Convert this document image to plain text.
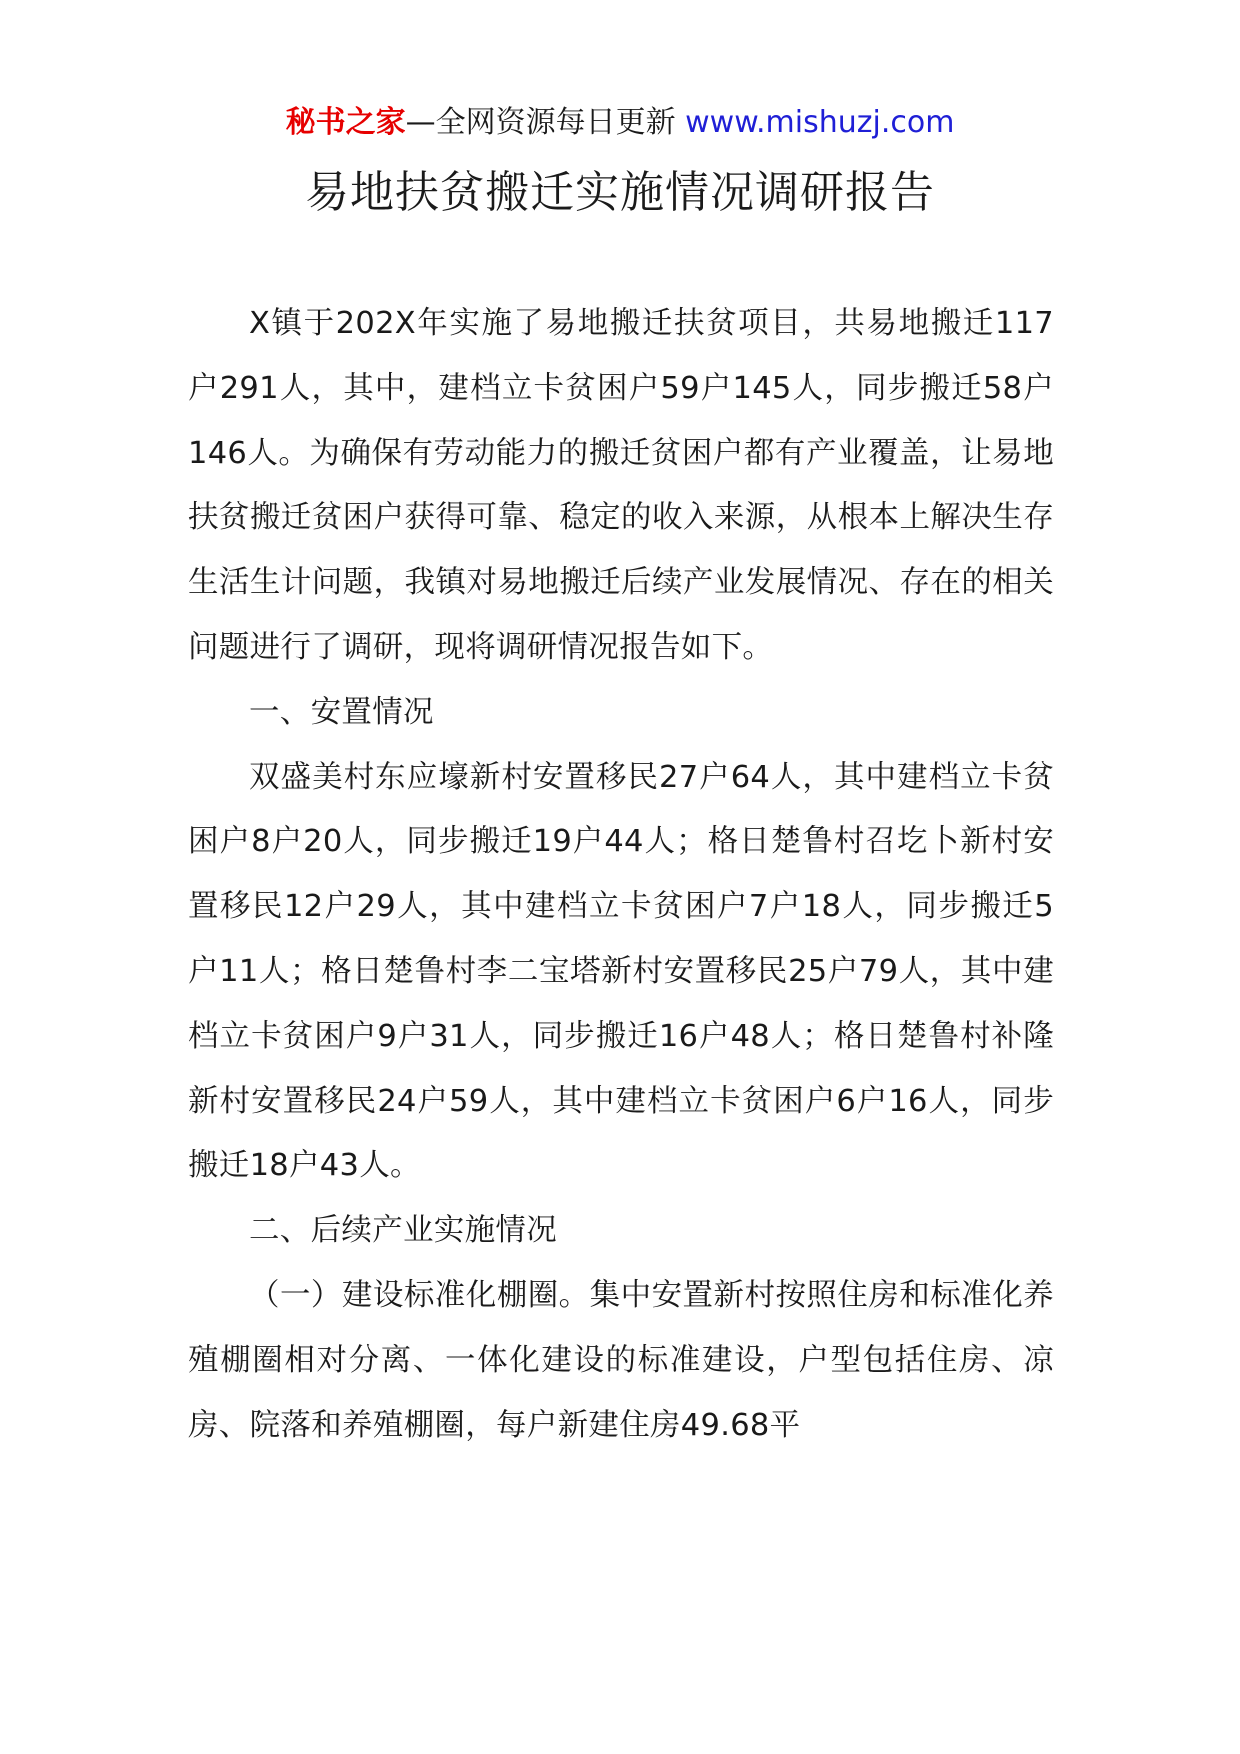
秘书之家—全网资源每日更新 www.mishuzj.com
易地扶贫搬迁实施情况调研报告

X镇于202X年实施了易地搬迁扶贫项目，共易地搬迁117户291人，其中，建档立卡贫困户59户145人，同步搬迁58户146人。为确保有劳动能力的搬迁贫困户都有产业覆盖，让易地扶贫搬迁贫困户获得可靠、稳定的收入来源，从根本上解决生存生活生计问题，我镇对易地搬迁后续产业发展情况、存在的相关问题进行了调研，现将调研情况报告如下。

一、安置情况

双盛美村东应壕新村安置移民27户64人，其中建档立卡贫困户8户20人，同步搬迁19户44人；格日楚鲁村召圪卜新村安置移民12户29人，其中建档立卡贫困户7户18人，同步搬迁5户11人；格日楚鲁村李二宝塔新村安置移民25户79人，其中建档立卡贫困户9户31人，同步搬迁16户48人；格日楚鲁村补隆新村安置移民24户59人，其中建档立卡贫困户6户16人，同步搬迁18户43人。

二、后续产业实施情况

（一）建设标准化棚圈。集中安置新村按照住房和标准化养殖棚圈相对分离、一体化建设的标准建设，户型包括住房、凉房、院落和养殖棚圈，每户新建住房49.68平
